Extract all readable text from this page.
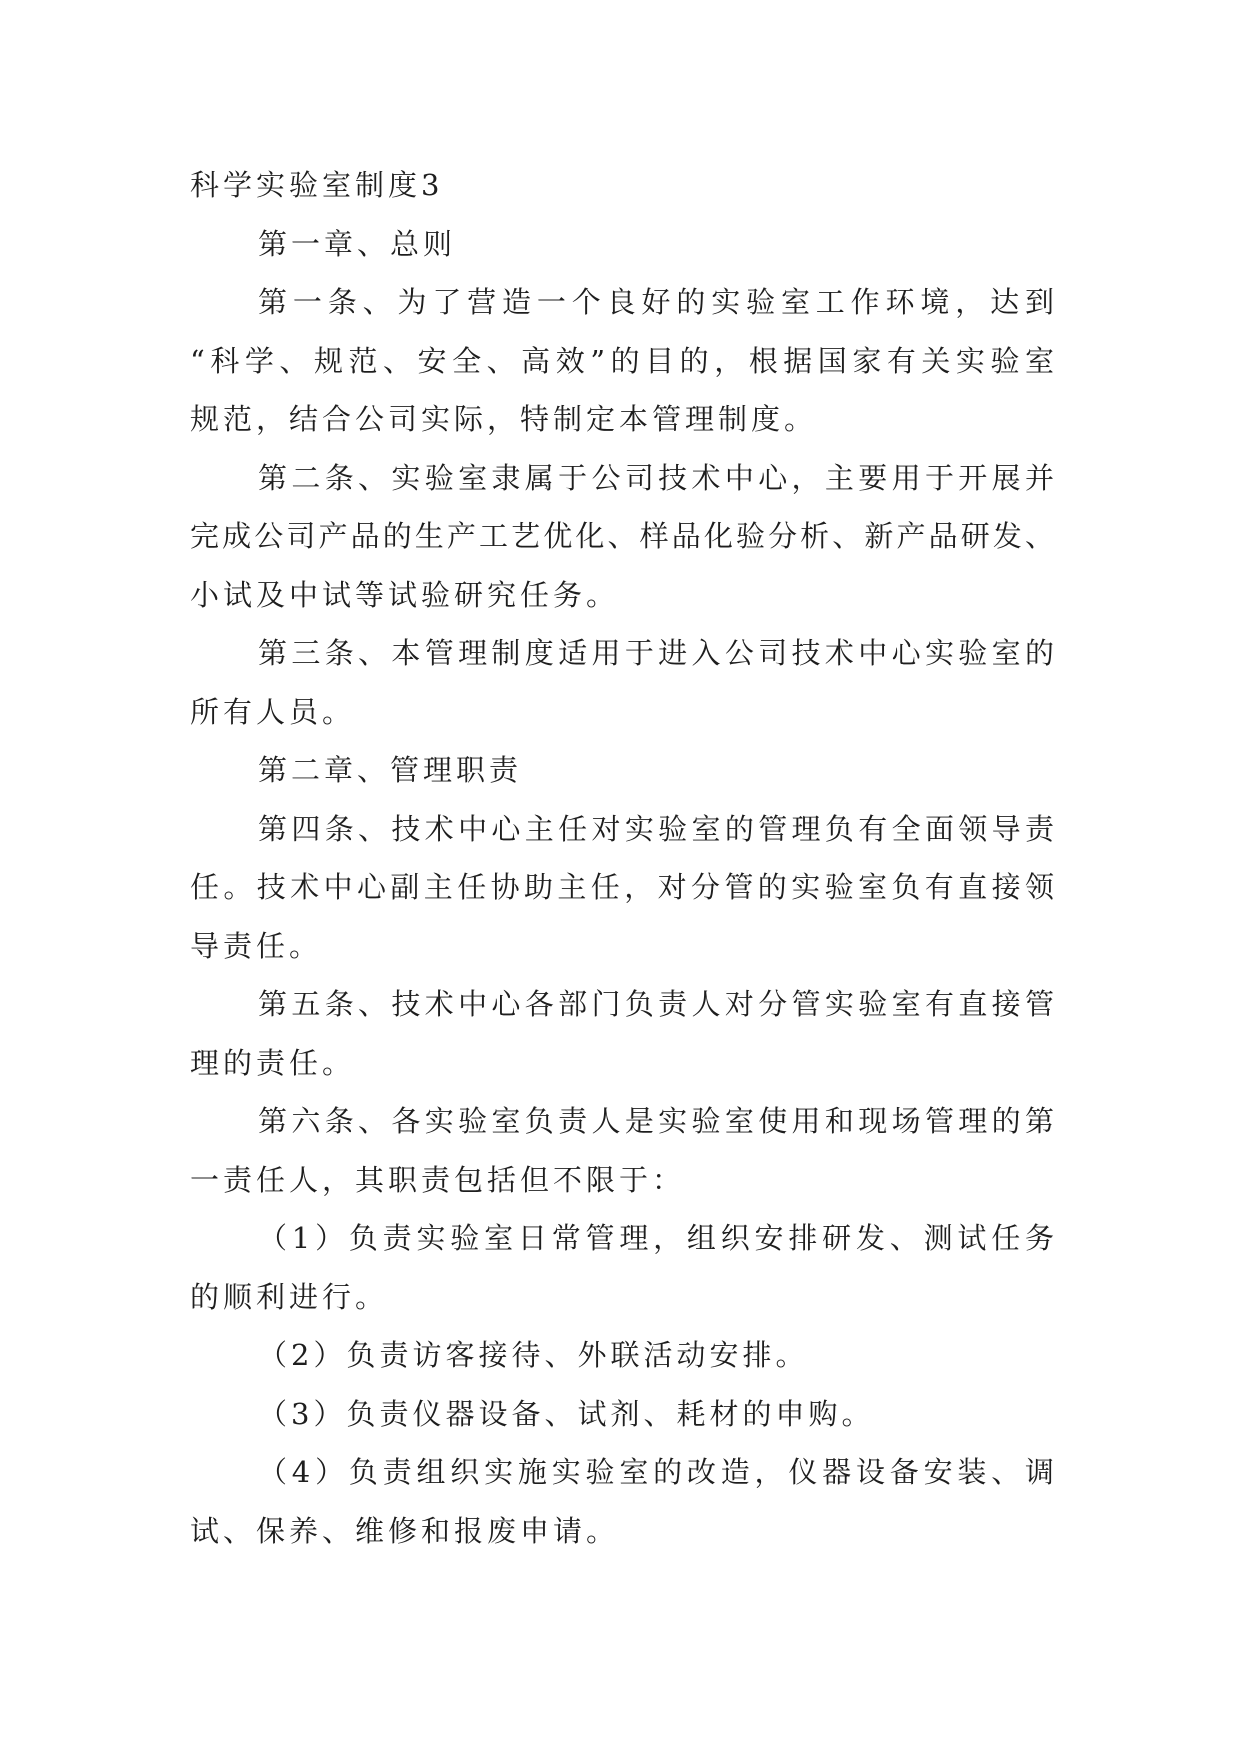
科学实验室制度3
第一章、总则
第一条、为了营造一个良好的实验室工作环境，达到
“科学、规范、安全、高效”的目的，根据国家有关实验室
规范，结合公司实际，特制定本管理制度。
第二条、实验室隶属于公司技术中心，主要用于开展并
完成公司产品的生产工艺优化、样品化验分析、新产品研发、
小试及中试等试验研究任务。
第三条、本管理制度适用于进入公司技术中心实验室的
所有人员。
第二章、管理职责
第四条、技术中心主任对实验室的管理负有全面领导责
任。技术中心副主任协助主任，对分管的实验室负有直接领
导责任。
第五条、技术中心各部门负责人对分管实验室有直接管
理的责任。
第六条、各实验室负责人是实验室使用和现场管理的第
一责任人，其职责包括但不限于：
（1）负责实验室日常管理，组织安排研发、测试任务
的顺利进行。
（2）负责访客接待、外联活动安排。
（3）负责仪器设备、试剂、耗材的申购。
（4）负责组织实施实验室的改造，仪器设备安装、调
试、保养、维修和报废申请。
